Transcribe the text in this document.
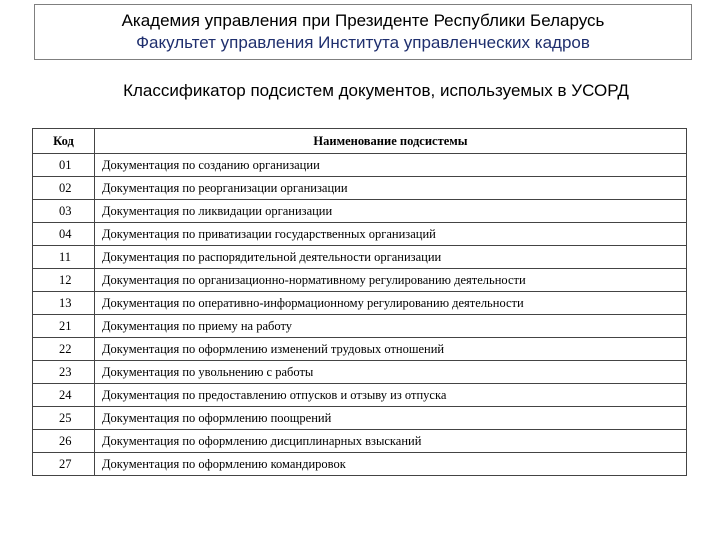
Академия управления при Президенте Республики Беларусь
Факультет управления Института управленческих кадров
Классификатор подсистем документов, используемых в УСОРД
Код	Наименование подсистемы
01	Документация по созданию организации
02	Документация по реорганизации организации
03	Документация по ликвидации организации
04	Документация по приватизации государственных организаций
11	Документация по распорядительной деятельности организации
12	Документация по организационно-нормативному регулированию деятельности
13	Документация по оперативно-информационному регулированию деятельности
21	Документация по приему на работу
22	Документация по оформлению изменений трудовых отношений
23	Документация по увольнению с работы
24	Документация по предоставлению отпусков и отзыву из отпуска
25	Документация по оформлению поощрений
26	Документация по оформлению дисциплинарных взысканий
27	Документация по оформлению командировок
